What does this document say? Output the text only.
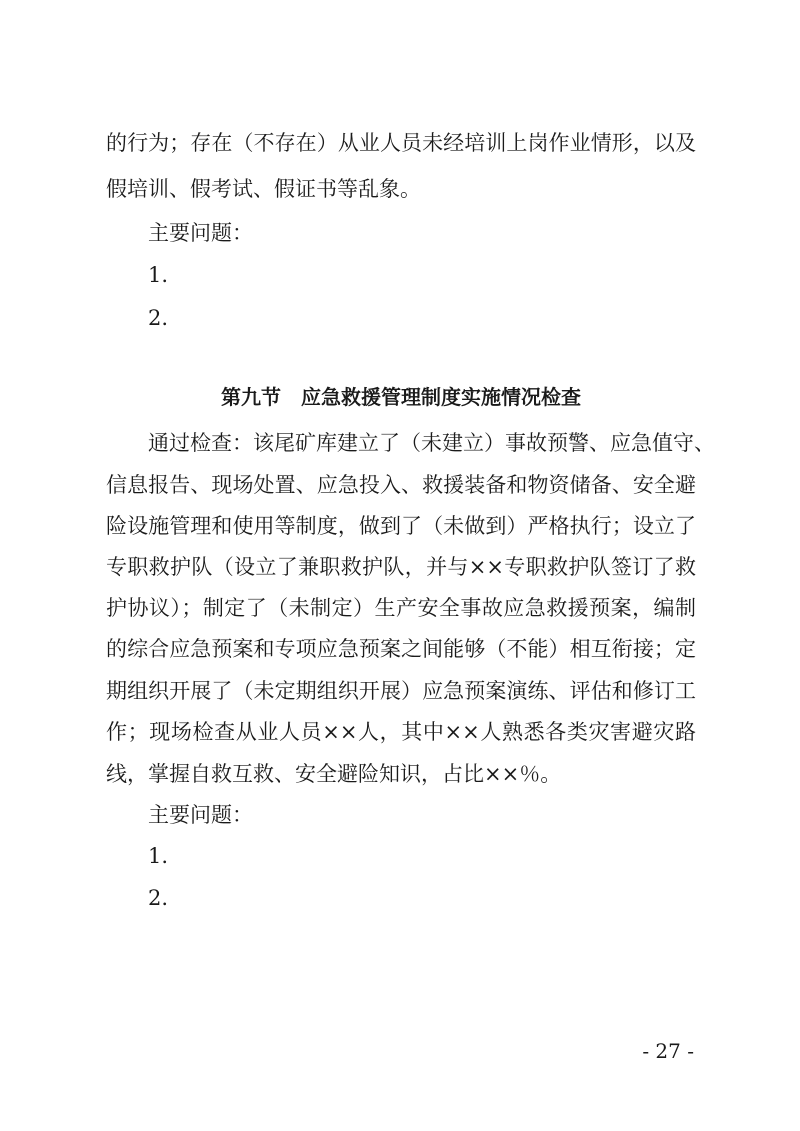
的行为；存在（不存在）从业人员未经培训上岗作业情形，以及
假培训、假考试、假证书等乱象。
主要问题：
1.
2.
第九节　应急救援管理制度实施情况检查
通过检查：该尾矿库建立了（未建立）事故预警、应急值守、
信息报告、现场处置、应急投入、救援装备和物资储备、安全避
险设施管理和使用等制度，做到了（未做到）严格执行；设立了
专职救护队（设立了兼职救护队，并与××专职救护队签订了救
护协议）；制定了（未制定）生产安全事故应急救援预案，编制
的综合应急预案和专项应急预案之间能够（不能）相互衔接；定
期组织开展了（未定期组织开展）应急预案演练、评估和修订工
作；现场检查从业人员××人，其中××人熟悉各类灾害避灾路
线，掌握自救互救、安全避险知识，占比××％。
主要问题：
1.
2.
- 27 -
